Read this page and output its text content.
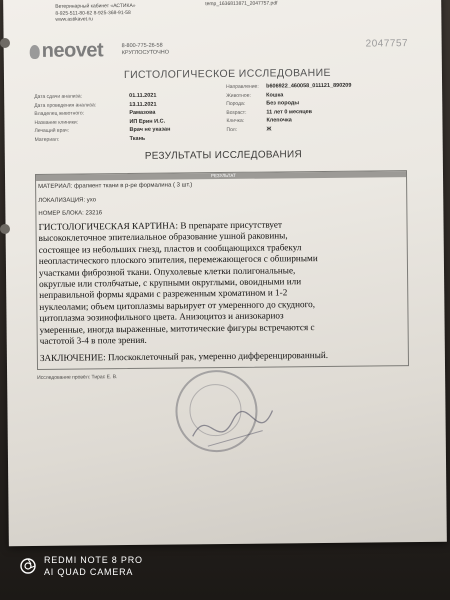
Ветеринарный кабинет «АСТИКА»
8-925-511-80-62 8-925-368-91-58
www.astikavet.ru
temp_1636813871_2047757.pdf
neovet	8-800-775-26-58
КРУГЛОСУТОЧНО
2047757
ГИСТОЛОГИЧЕСКОЕ ИССЛЕДОВАНИЕ
Дата сдачи анализа:	01.11.2021
Дата проведения анализа:	13.11.2021
Владелец животного:	Рамазова
Название клиники:	ИП Ерин И.С.
Лечащий врач:	Врач не указан
Материал:	Ткань
Направление:	b606922_460058_011121_890209
Животное:	Кошка
Порода:	Без породы
Возраст:	11 лет 0 месяцев
Кличка:	Клепочка
Пол:	Ж
РЕЗУЛЬТАТЫ ИССЛЕДОВАНИЯ
РЕЗУЛЬТАТ
МАТЕРИАЛ: фрагмент ткани в р-ре формалина ( 3 шт.)
ЛОКАЛИЗАЦИЯ: ухо
НОМЕР БЛОКА: 23216
ГИСТОЛОГИЧЕСКАЯ КАРТИНА: В препарате присутствует
высококлеточное эпителиальное образование ушной раковины,
состоящее из небольших гнезд, пластов и сообщающихся трабекул
неопластического плоского эпителия, перемежающегося с обширными
участками фиброзной ткани. Опухолевые клетки полигональные,
округлые или столбчатые, с крупными округлыми, овоидными или
неправильной формы ядрами с разреженным хроматином и 1-2
нуклеолами; объем цитоплазмы варьирует от умеренного до скудного,
цитоплазма эозинофильного цвета. Анизоцитоз и анизокариоз
умеренные, иногда выраженные, митотические фигуры встречаются с
частотой 3-4 в поле зрения.
ЗАКЛЮЧЕНИЕ: Плоскоклеточный рак, умеренно дифференцированный.
Исследование провёл: Тирас Е. В.
REDMI NOTE 8 PRO
AI QUAD CAMERA
